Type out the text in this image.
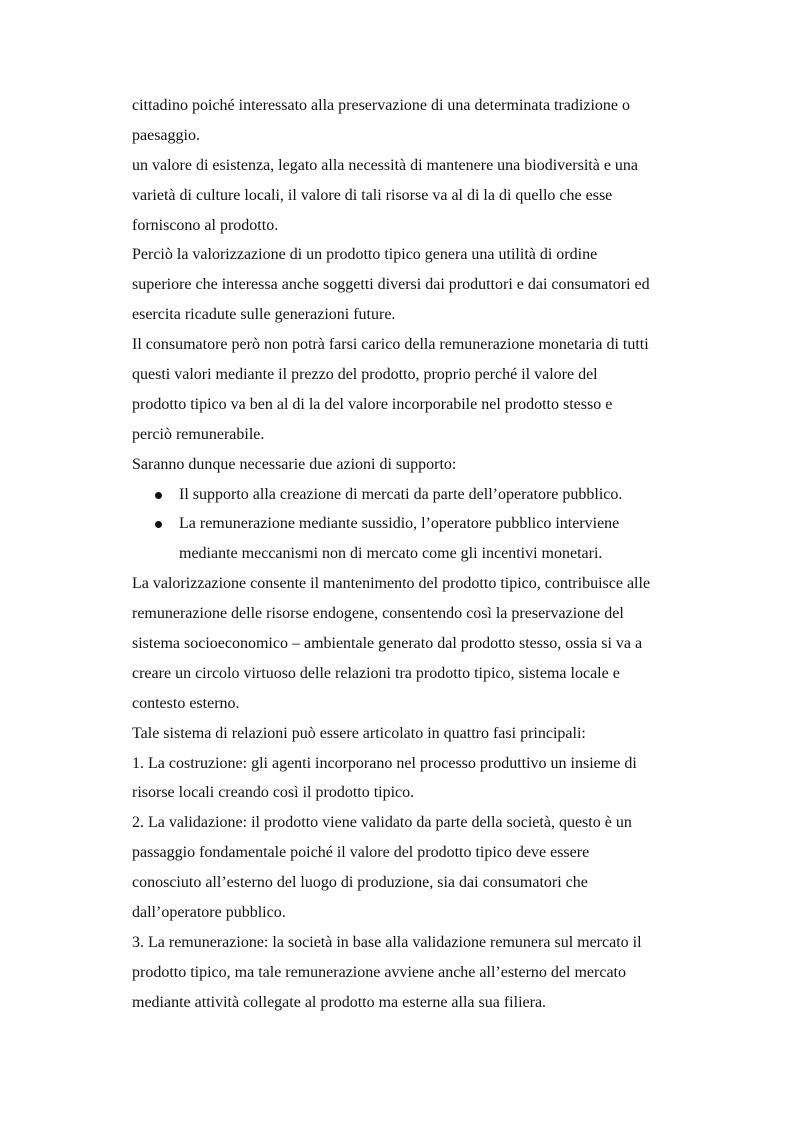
cittadino poiché interessato alla preservazione di una determinata tradizione o
paesaggio.
un valore di esistenza, legato alla necessità di mantenere una biodiversità e una
varietà di culture locali, il valore di tali risorse va al di la di quello che esse
forniscono al prodotto.
Perciò la valorizzazione di un prodotto tipico genera una utilità di ordine
superiore che interessa anche soggetti diversi dai produttori e dai consumatori ed
esercita ricadute sulle generazioni future.
Il consumatore però non potrà farsi carico della remunerazione monetaria di tutti
questi valori mediante il prezzo del prodotto, proprio perché il valore del
prodotto tipico va ben al di la del valore incorporabile nel prodotto stesso e
perciò remunerabile.
Saranno dunque necessarie due azioni di supporto:
Il supporto alla creazione di mercati da parte dell’operatore pubblico.
La remunerazione mediante sussidio, l’operatore pubblico interviene
mediante meccanismi non di mercato come gli incentivi monetari.
La valorizzazione consente il mantenimento del prodotto tipico, contribuisce alle
remunerazione delle risorse endogene, consentendo così la preservazione del
sistema socioeconomico – ambientale generato dal prodotto stesso, ossia si va a
creare un circolo virtuoso delle relazioni tra prodotto tipico, sistema locale e
contesto esterno.
Tale sistema di relazioni può essere articolato in quattro fasi principali:
1. La costruzione: gli agenti incorporano nel processo produttivo un insieme di
risorse locali creando così il prodotto tipico.
2. La validazione: il prodotto viene validato da parte della società, questo è un
passaggio fondamentale poiché il valore del prodotto tipico deve essere
conosciuto all’esterno del luogo di produzione, sia dai consumatori che
dall’operatore pubblico.
3. La remunerazione: la società in base alla validazione remunera sul mercato il
prodotto tipico, ma tale remunerazione avviene anche all’esterno del mercato
mediante attività collegate al prodotto ma esterne alla sua filiera.
